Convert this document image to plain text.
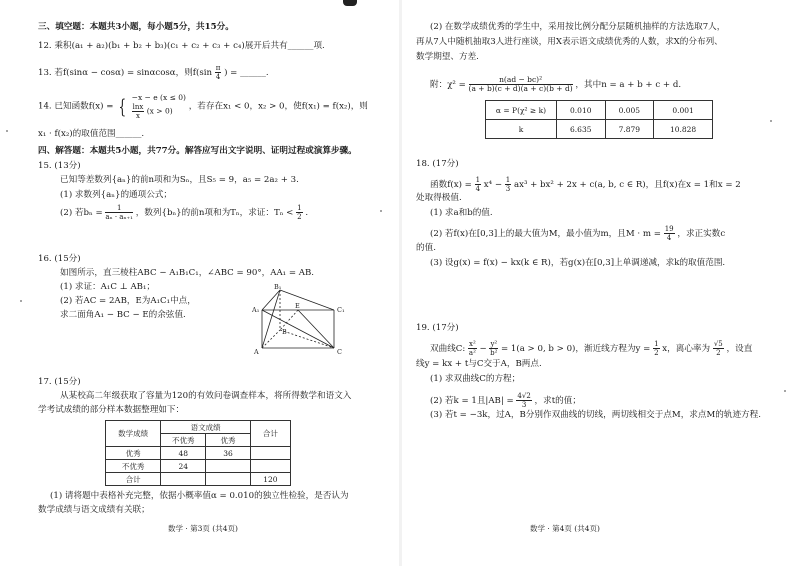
三、填空题：本题共3小题，每小题5分，共15分。
12. 乘积(a₁ + a₂)(b₁ + b₂ + b₃)(c₁ + c₂ + c₃ + c₄)展开后共有______项.
13. 若f(sinα − cosα) = sinαcosα，则$f(\sin \frac{\pi}{4}$ ) = ______.
14. 已知函数f(x) = { −x − e (x ≤ 0)
$\frac{\ln x}{x} (x > 0)$	，若存在x₁ < 0，x₂ > 0，使f(x₁) = f(x₂)，则
x₁ · f(x₂)的取值范围______.
四、解答题：本题共5小题，共77分。解答应写出文字说明、证明过程或演算步骤。
15. (13分)
已知等差数列{aₙ}的前n项和为Sₙ，且S₅ = 9，a₅ = 2a₂ + 3.
(1) 求数列{aₙ}的通项公式；
(2) 若$b_n = \frac{1}{\text{aₙ · aₙ₊₁}}$ ，数列{bₙ}的前n项和为Tₙ，求证：$T_n < \frac{1}{2}$ .
16. (15分)
如图所示，直三棱柱ABC − A₁B₁C₁，∠ABC = 90°，AA₁ = AB.
(1) 求证：A₁C ⊥ AB₁；
(2) 若AC = 2AB，E为A₁C₁中点，
求二面角A₁ − BC − E的余弦值.
B₁
A₁	C₁
E
B
A	C
17. (15分)
从某校高二年级获取了容量为120的有效问卷调查样本，将所得数学和语文入
学考试成绩的部分样本数据整理如下：
数学成绩	语文成绩		合计
	不优秀	优秀	
优秀	48	36	
不优秀	24		
合计			120
(1) 请将题中表格补充完整，依据小概率值α = 0.010的独立性检验，是否认为
数学成绩与语文成绩有关联；
数学 · 第3页 (共4页)
(2) 在数学成绩优秀的学生中，采用按比例分配分层随机抽样的方法选取7人，
再从7人中随机抽取3人进行座谈，用X表示语文成绩优秀的人数，求X的分布列、
数学期望、方差.
附：$\chi^2 = \frac{\text{n(ad − bc)²}}{(a + b)(c + d)(a + c)(b + d)}$ ，其中n = a + b + c + d.
α = P(χ² ≥ k)	0.010	0.005	0.001
k	6.635	7.879	10.828
18. (17分)
函数$f(x) = \frac{1}{4} x^4 - \frac{1}{3} ax^3 + bx^2 + 2x + c(a$, b, c ∈ R)，且f(x)在x = 1和x = 2
处取得极值.
(1) 求a和b的值.
(2) 若f(x)在[0,3]上的最大值为M，最小值为m，且$M \cdot m = \frac{19}{4}$ ，求正实数c
的值.
(3) 设g(x) = f(x) − kx(k ∈ R)，若g(x)在[0,3]上单调递减，求k的取值范围.
19. (17分)
双曲线C: $\frac{\text{x²}}{\text{a²}} - \frac{\text{y²}}{\text{b²}} = 1(a > 0$, b > 0)，渐近线方程为$y = \frac{1}{2}$ x，离心率为 $\frac{√5}{2}$ ，设直
线y = kx + t与C交于A，B两点.
(1) 求双曲线C的方程；
(2) 若k = 1且$|AB| = \frac{4√2}{3}$ ，求t的值；
(3) 若t = −3k，过A，B分别作双曲线的切线，两切线相交于点M，求点M的轨迹方程.
数学 · 第4页 (共4页)
